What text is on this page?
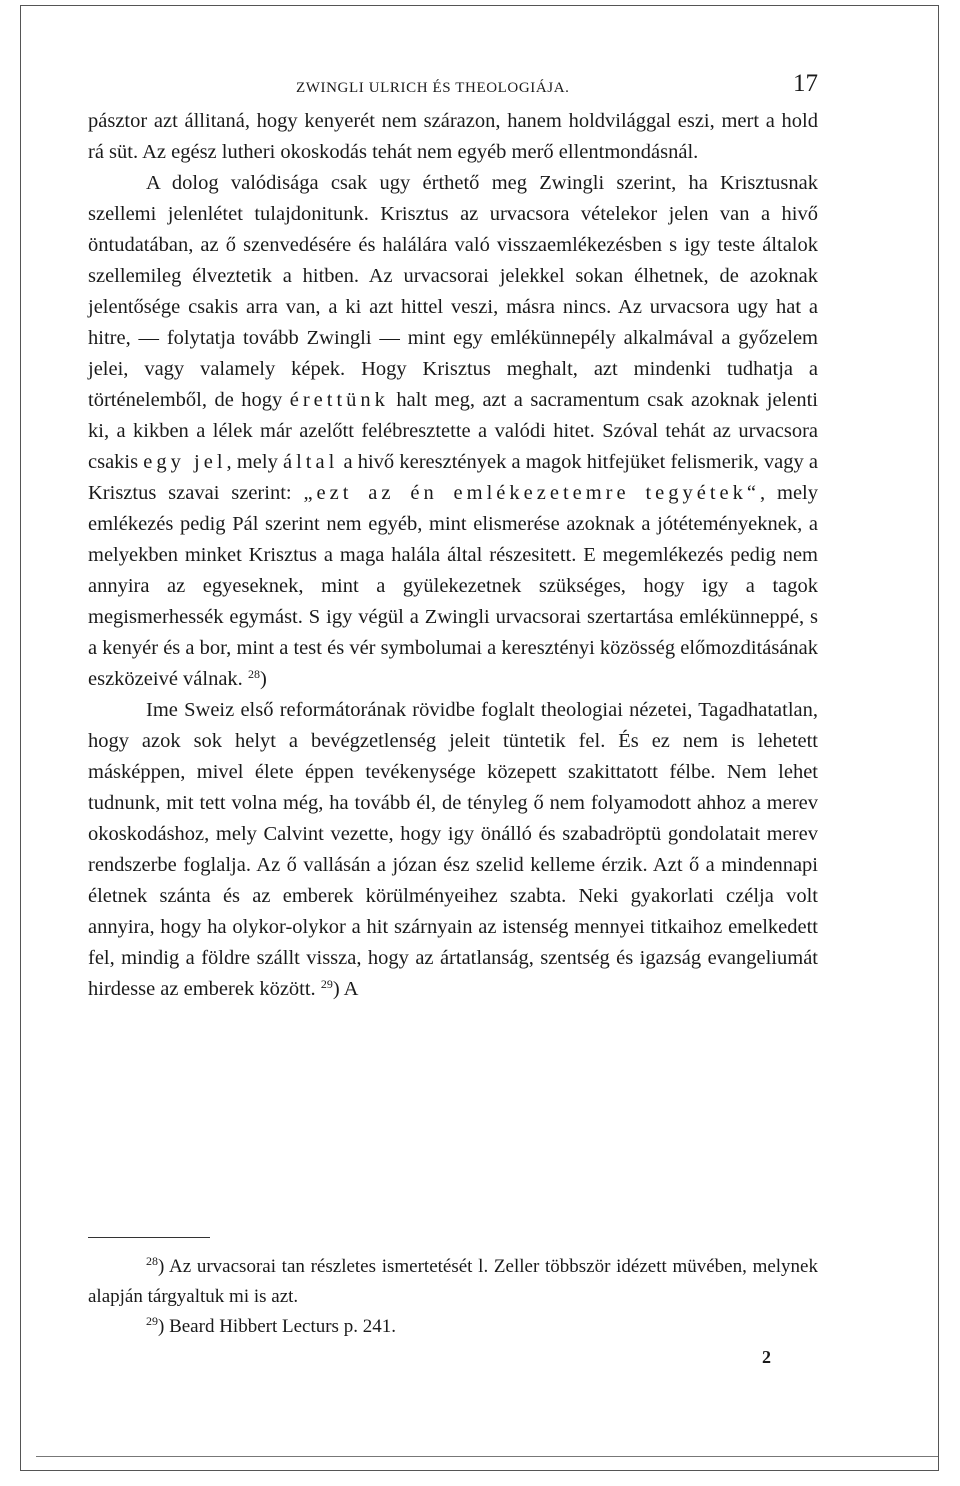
ZWINGLI ULRICH ÉS THEOLOGIÁJA.	17

pásztor azt állitaná, hogy kenyerét nem szárazon, hanem holdvilággal eszi, mert a hold rá süt. Az egész lutheri okoskodás tehát nem egyéb merő ellentmondásnál.

A dolog valódisága csak ugy érthető meg Zwingli szerint, ha Krisztusnak szellemi jelenlétet tulajdonitunk. Krisztus az urvacsora vételekor jelen van a hivő öntudatában, az ő szenvedésére és halálára való visszaemlékezésben s igy teste általok szellemileg élveztetik a hitben. Az urvacsorai jelekkel sokan élhetnek, de azoknak jelentősége csakis arra van, a ki azt hittel veszi, másra nincs. Az urvacsora ugy hat a hitre, — folytatja tovább Zwingli — mint egy emlékünnepély alkalmával a győzelem jelei, vagy valamely képek. Hogy Krisztus meghalt, azt mindenki tudhatja a történelemből, de hogy érettünk halt meg, azt a sacramentum csak azoknak jelenti ki, a kikben a lélek már azelőtt felébresztette a valódi hitet. Szóval tehát az urvacsora csakis egy jel, mely által a hivő keresztények a magok hitfejüket felismerik, vagy a Krisztus szavai szerint: „ezt az én emlékezetemre tegyétek“, mely emlékezés pedig Pál szerint nem egyéb, mint elismerése azoknak a jótéteményeknek, a melyekben minket Krisztus a maga halála által részesitett. E megemlékezés pedig nem annyira az egyeseknek, mint a gyülekezetnek szükséges, hogy igy a tagok megismerhessék egymást. S igy végül a Zwingli urvacsorai szertartása emlékünneppé, s a kenyér és a bor, mint a test és vér symbolumai a keresztényi közösség előmozditásának eszközeivé válnak. $^{28}$)

Ime Sweiz első reformátorának rövidbe foglalt theologiai nézetei, Tagadhatatlan, hogy azok sok helyt a bevégzetlenség jeleit tüntetik fel. És ez nem is lehetett másképpen, mivel élete éppen tevékenysége közepett szakittatott félbe. Nem lehet tudnunk, mit tett volna még, ha tovább él, de tényleg ő nem folyamodott ahhoz a merev okoskodáshoz, mely Calvint vezette, hogy igy önálló és szabadröptü gondolatait merev rendszerbe foglalja. Az ő vallásán a józan ész szelid kelleme érzik. Azt ő a mindennapi életnek szánta és az emberek körülményeihez szabta. Neki gyakorlati czélja volt annyira, hogy ha olykor-olykor a hit szárnyain az istenség mennyei titkaihoz emelkedett fel, mindig a földre szállt vissza, hogy az ártatlanság, szentség és igazság evangeliumát hirdesse az emberek között. $^{29}$) A

$^{28}$) Az urvacsorai tan részletes ismertetését l. Zeller többször idézett müvében, melynek alapján tárgyaltuk mi is azt.

$^{29}$) Beard Hibbert Lecturs p. 241.

2
